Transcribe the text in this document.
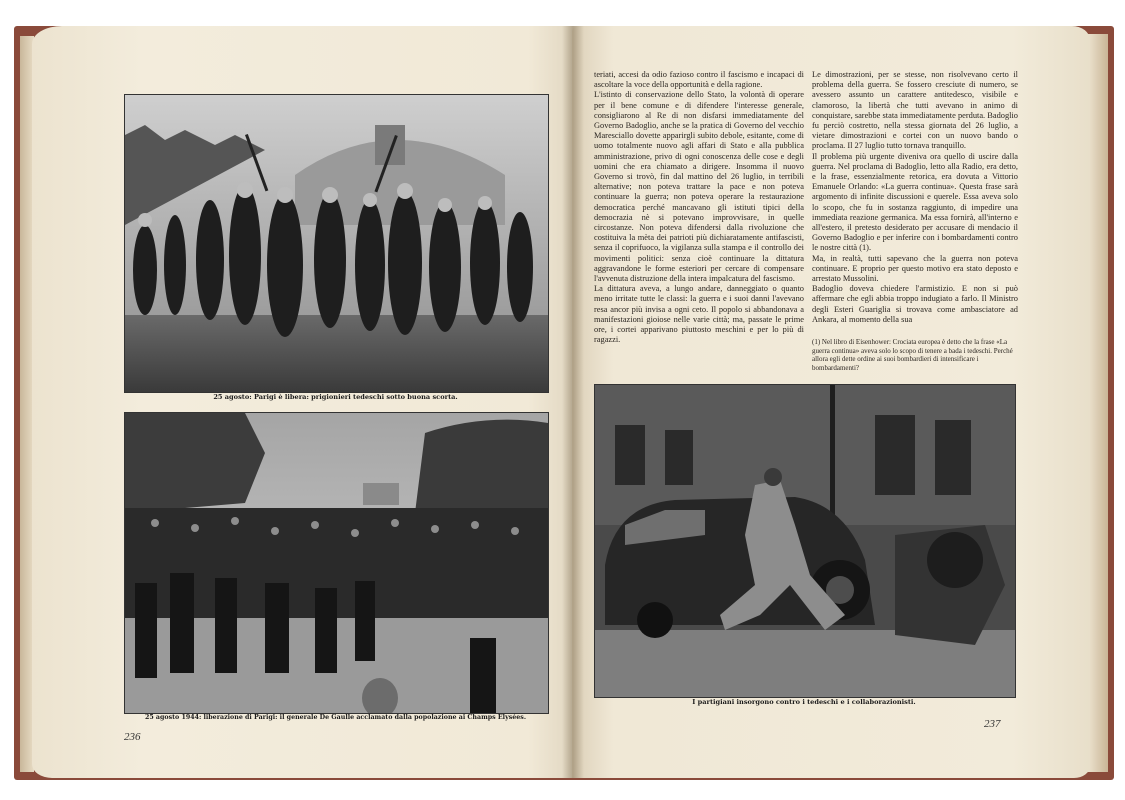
25 agosto: Parigi è libera: prigionieri tedeschi sotto buona scorta.
25 agosto 1944: liberazione di Parigi: il generale De Gaulle acclamato dalla popolazione ai Champs Elysées.
236

teriati, accesi da odio fazioso contro il fascismo e incapaci di ascoltare la voce della opportunità e della ragione.

L'istinto di conservazione dello Stato, la volontà di operare per il bene comune e di difendere l'interesse generale, consigliarono al Re di non disfarsi immediatamente del Governo Badoglio, anche se la pratica di Governo del vecchio Maresciallo dovette apparirgli subito debole, esitante, come di uomo totalmente nuovo agli affari di Stato e alla pubblica amministrazione, privo di ogni conoscenza delle cose e degli uomini che era chiamato a dirigere. Insomma il nuovo Governo si trovò, fin dal mattino del 26 luglio, in terribili alternative; non poteva trattare la pace e non poteva continuare la guerra; non poteva operare la restaurazione democratica perché mancavano gli istituti tipici della democrazia nè si potevano improvvisare, in quelle circostanze. Non poteva difendersi dalla rivoluzione che costituiva la mèta dei patrioti più dichiaratamente antifascisti, senza il coprifuoco, la vigilanza sulla stampa e il controllo dei movimenti politici: senza cioè continuare la dittatura aggravandone le forme esteriori per cercare di compensare l'avvenuta distruzione della intera impalcatura del fascismo.

La dittatura aveva, a lungo andare, danneggiato o quanto meno irritate tutte le classi: la guerra e i suoi danni l'avevano resa ancor più invisa a ogni ceto. Il popolo si abbandonava a manifestazioni gioiose nelle varie città; ma, passate le prime ore, i cortei apparivano piuttosto meschini e per lo più di ragazzi.

Le dimostrazioni, per se stesse, non risolvevano certo il problema della guerra. Se fossero cresciute di numero, se avessero assunto un carattere antitedesco, visibile e clamoroso, la libertà che tutti avevano in animo di conquistare, sarebbe stata immediatamente perduta. Badoglio fu perciò costretto, nella stessa giornata del 26 luglio, a vietare dimostrazioni e cortei con un nuovo bando o proclama. Il 27 luglio tutto tornava tranquillo.

Il problema più urgente diveniva ora quello di uscire dalla guerra. Nel proclama di Badoglio, letto alla Radio, era detto, e la frase, essenzialmente retorica, era dovuta a Vittorio Emanuele Orlando: «La guerra continua». Questa frase sarà argomento di infinite discussioni e querele. Essa aveva solo lo scopo, che fu in sostanza raggiunto, di impedire una immediata reazione germanica. Ma essa fornirà, all'interno e all'estero, il pretesto desiderato per accusare di mendacio il Governo Badoglio e per inferire con i bombardamenti contro le nostre città (1).

Ma, in realtà, tutti sapevano che la guerra non poteva continuare. E proprio per questo motivo era stato deposto e arrestato Mussolini.

Badoglio doveva chiedere l'armistizio. E non si può affermare che egli abbia troppo indugiato a farlo. Il Ministro degli Esteri Guariglia si trovava come ambasciatore ad Ankara, al momento della sua

(1) Nel libro di Eisenhower: Crociata europea è detto che la frase «La guerra continua» aveva solo lo scopo di tenere a bada i tedeschi. Perché allora egli dette ordine ai suoi bombardieri di intensificare i bombardamenti?
I partigiani insorgono contro i tedeschi e i collaborazionisti.
237
